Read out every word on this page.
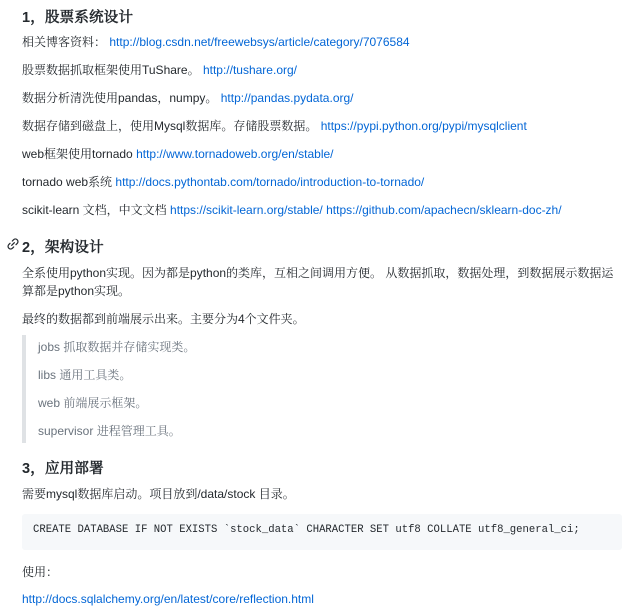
1，股票系统设计
相关博客资料： http://blog.csdn.net/freewebsys/article/category/7076584
股票数据抓取框架使用TuShare。 http://tushare.org/
数据分析清洗使用pandas，numpy。 http://pandas.pydata.org/
数据存储到磁盘上，使用Mysql数据库。存储股票数据。 https://pypi.python.org/pypi/mysqlclient
web框架使用tornado http://www.tornadoweb.org/en/stable/
tornado web系统 http://docs.pythontab.com/tornado/introduction-to-tornado/
scikit-learn 文档，中文文档 https://scikit-learn.org/stable/ https://github.com/apachecn/sklearn-doc-zh/
2，架构设计
全系使用python实现。因为都是python的类库，互相之间调用方便。 从数据抓取，数据处理，到数据展示数据运算都是python实现。
最终的数据都到前端展示出来。主要分为4个文件夹。
jobs 抓取数据并存储实现类。
libs 通用工具类。
web 前端展示框架。
supervisor 进程管理工具。
3，应用部署
需要mysql数据库启动。项目放到/data/stock 目录。
CREATE DATABASE IF NOT EXISTS `stock_data` CHARACTER SET utf8 COLLATE utf8_general_ci;
使用：
http://docs.sqlalchemy.org/en/latest/core/reflection.html
